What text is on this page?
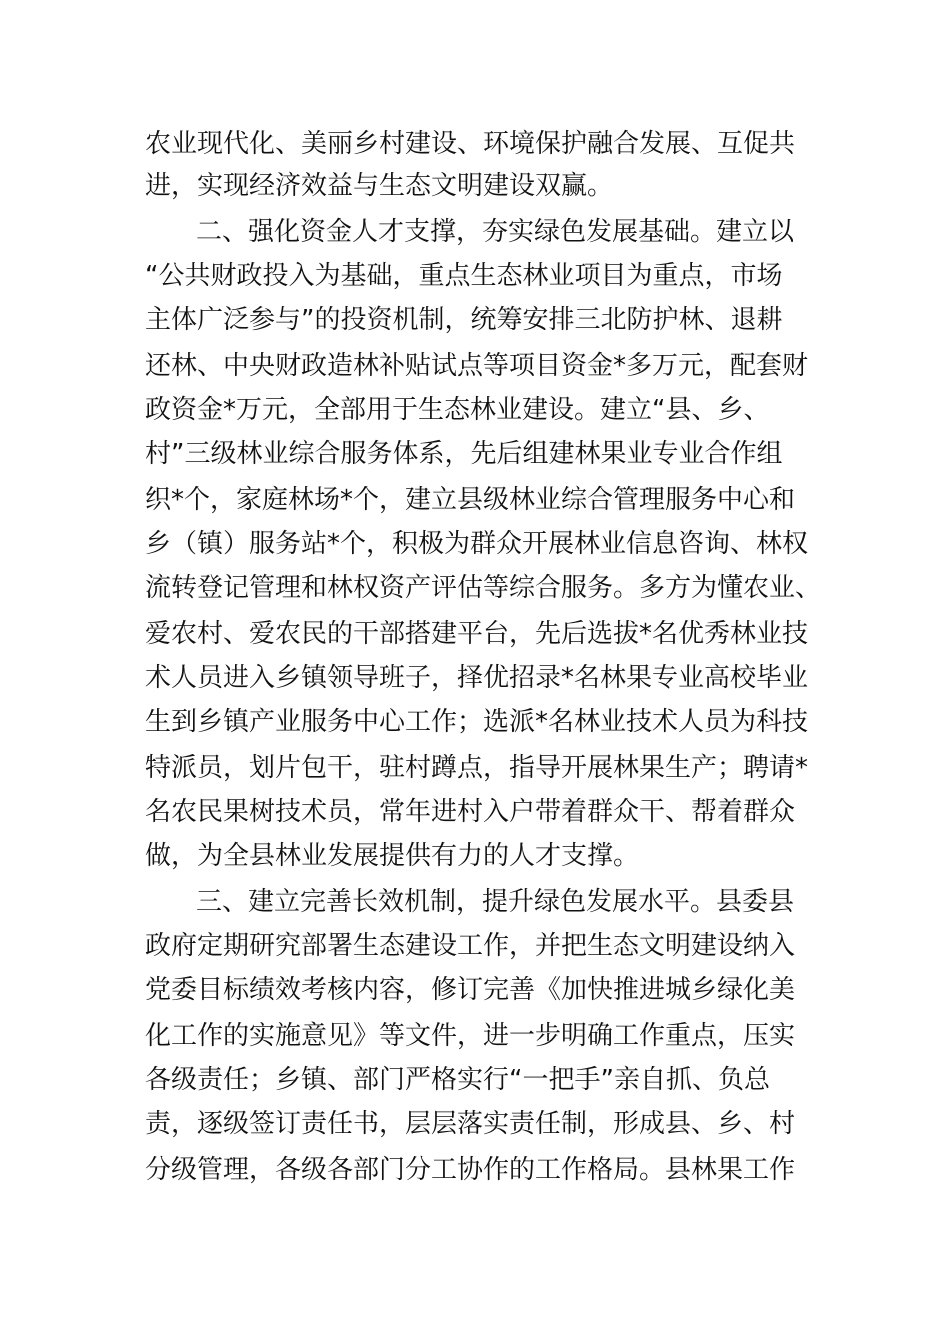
农业现代化、美丽乡村建设、环境保护融合发展、互促共
进，实现经济效益与生态文明建设双赢。
二、强化资金人才支撑，夯实绿色发展基础。建立以
“公共财政投入为基础，重点生态林业项目为重点，市场
主体广泛参与”的投资机制，统筹安排三北防护林、退耕
还林、中央财政造林补贴试点等项目资金*多万元，配套财
政资金*万元，全部用于生态林业建设。建立“县、乡、
村”三级林业综合服务体系，先后组建林果业专业合作组
织*个，家庭林场*个，建立县级林业综合管理服务中心和
乡（镇）服务站*个，积极为群众开展林业信息咨询、林权
流转登记管理和林权资产评估等综合服务。多方为懂农业、
爱农村、爱农民的干部搭建平台，先后选拔*名优秀林业技
术人员进入乡镇领导班子，择优招录*名林果专业高校毕业
生到乡镇产业服务中心工作；选派*名林业技术人员为科技
特派员，划片包干，驻村蹲点，指导开展林果生产；聘请*
名农民果树技术员，常年进村入户带着群众干、帮着群众
做，为全县林业发展提供有力的人才支撑。
三、建立完善长效机制，提升绿色发展水平。县委县
政府定期研究部署生态建设工作，并把生态文明建设纳入
党委目标绩效考核内容，修订完善《加快推进城乡绿化美
化工作的实施意见》等文件，进一步明确工作重点，压实
各级责任；乡镇、部门严格实行“一把手”亲自抓、负总
责，逐级签订责任书，层层落实责任制，形成县、乡、村
分级管理，各级各部门分工协作的工作格局。县林果工作
